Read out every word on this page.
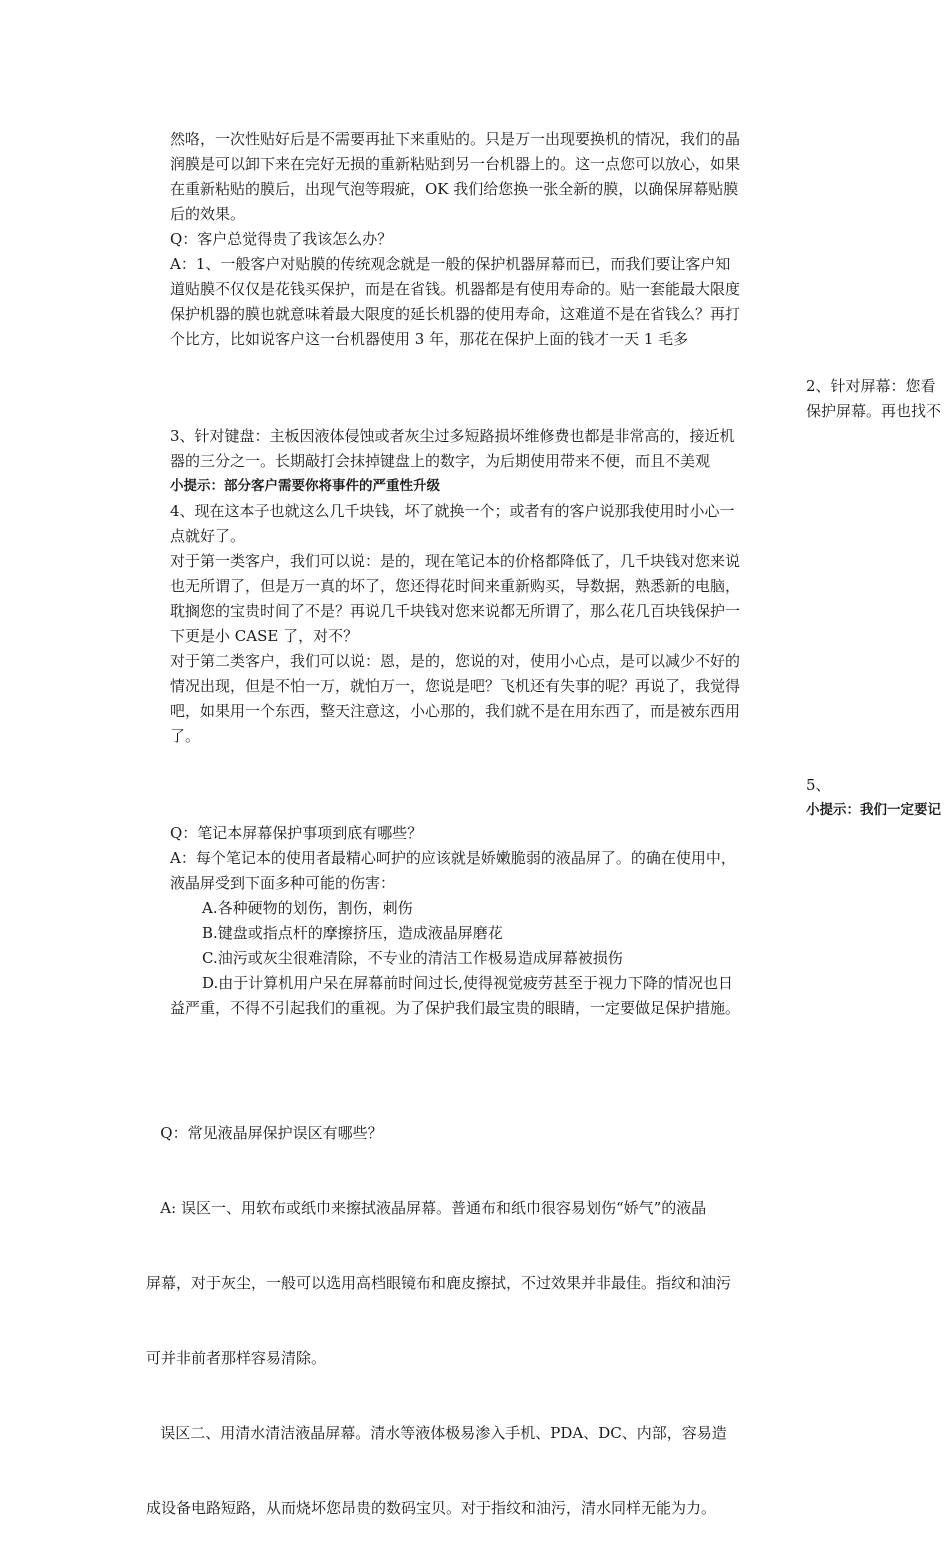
然咯，一次性贴好后是不需要再扯下来重贴的。只是万一出现要换机的情况，我们的晶
润膜是可以卸下来在完好无损的重新粘贴到另一台机器上的。这一点您可以放心，如果
在重新粘贴的膜后，出现气泡等瑕疵，OK 我们给您换一张全新的膜，以确保屏幕贴膜
后的效果。
Q：客户总觉得贵了我该怎么办？
A：1、一般客户对贴膜的传统观念就是一般的保护机器屏幕而已，而我们要让客户知
道贴膜不仅仅是花钱买保护，而是在省钱。机器都是有使用寿命的。贴一套能最大限度
保护机器的膜也就意味着最大限度的延长机器的使用寿命，这难道不是在省钱么？再打
个比方，比如说客户这一台机器使用 3 年，那花在保护上面的钱才一天 1 毛多
2、针对屏幕：您看
保护屏幕。再也找不
3、针对键盘：主板因液体侵蚀或者灰尘过多短路损坏维修费也都是非常高的，接近机
器的三分之一。长期敲打会抹掉键盘上的数字，为后期使用带来不便，而且不美观
小提示：部分客户需要你将事件的严重性升级
4、现在这本子也就这么几千块钱，坏了就换一个；或者有的客户说那我使用时小心一
点就好了。
对于第一类客户，我们可以说：是的，现在笔记本的价格都降低了，几千块钱对您来说
也无所谓了，但是万一真的坏了，您还得花时间来重新购买，导数据，熟悉新的电脑，
耽搁您的宝贵时间了不是？再说几千块钱对您来说都无所谓了，那么花几百块钱保护一
下更是小 CASE 了，对不？
对于第二类客户，我们可以说：恩，是的，您说的对，使用小心点，是可以减少不好的
情况出现，但是不怕一万，就怕万一，您说是吧？飞机还有失事的呢？再说了，我觉得
吧，如果用一个东西，整天注意这，小心那的，我们就不是在用东西了，而是被东西用
了。
5、
小提示：我们一定要记
Q：笔记本屏幕保护事项到底有哪些？
A：每个笔记本的使用者最精心呵护的应该就是娇嫩脆弱的液晶屏了。的确在使用中，
液晶屏受到下面多种可能的伤害：
A.各种硬物的划伤，割伤，刺伤
B.键盘或指点杆的摩擦挤压，造成液晶屏磨花
C.油污或灰尘很难清除，不专业的清洁工作极易造成屏幕被损伤
D.由于计算机用户呆在屏幕前时间过长,使得视觉疲劳甚至于视力下降的情况也日
益严重，不得不引起我们的重视。为了保护我们最宝贵的眼睛，一定要做足保护措施。

Q：常见液晶屏保护误区有哪些？

A: 误区一、用软布或纸巾来擦拭液晶屏幕。普通布和纸巾很容易划伤“娇气”的液晶

屏幕，对于灰尘，一般可以选用高档眼镜布和鹿皮擦拭，不过效果并非最佳。指纹和油污

可并非前者那样容易清除。

误区二、用清水清洁液晶屏幕。清水等液体极易渗入手机、PDA、DC、内部，容易造

成设备电路短路，从而烧坏您昂贵的数码宝贝。对于指纹和油污，清水同样无能为力。
